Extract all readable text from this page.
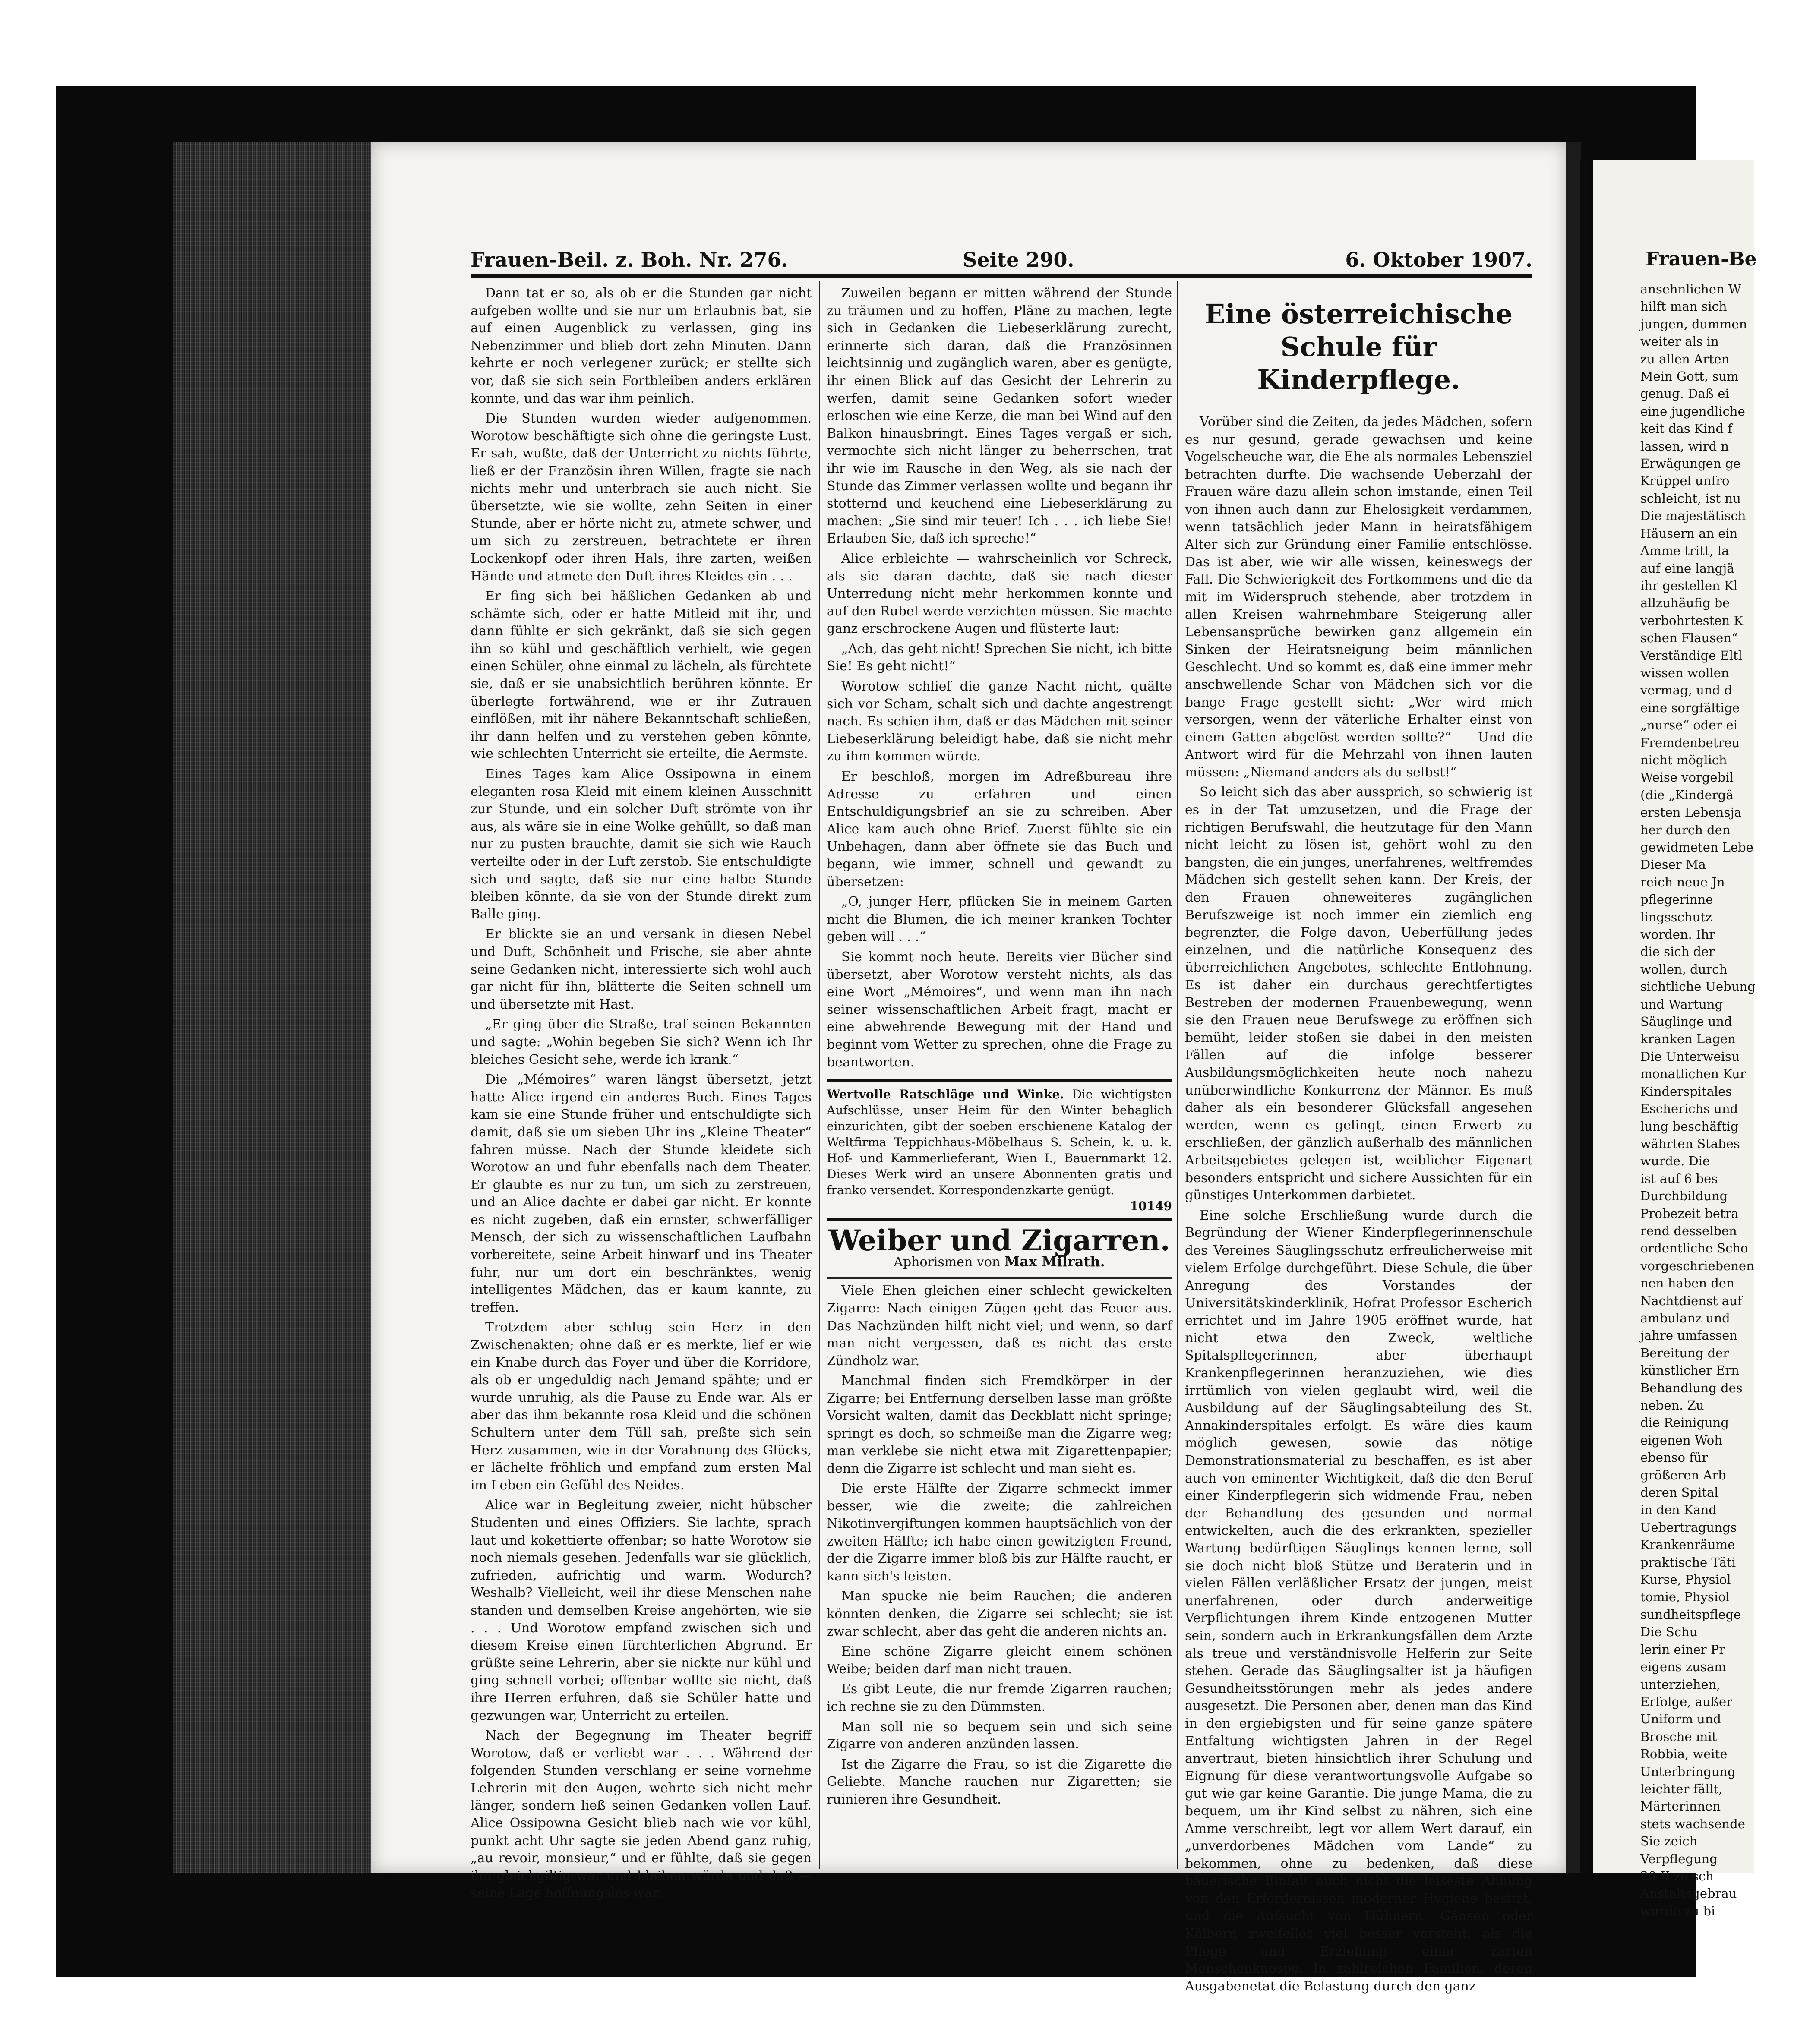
Frauen-Beil. z. Boh. Nr. 276.	Seite 290.	6. Oktober 1907.

Dann tat er so, als ob er die Stunden gar nicht aufgeben wollte und sie nur um Erlaubnis bat, sie auf einen Augenblick zu verlassen, ging ins Nebenzimmer und blieb dort zehn Minuten. Dann kehrte er noch verlegener zurück; er stellte sich vor, daß sie sich sein Fortbleiben anders erklären konnte, und das war ihm peinlich.

Die Stunden wurden wieder aufgenommen. Worotow beschäftigte sich ohne die geringste Lust. Er sah, wußte, daß der Unterricht zu nichts führte, ließ er der Französin ihren Willen, fragte sie nach nichts mehr und unterbrach sie auch nicht. Sie übersetzte, wie sie wollte, zehn Seiten in einer Stunde, aber er hörte nicht zu, atmete schwer, und um sich zu zerstreuen, betrachtete er ihren Lockenkopf oder ihren Hals, ihre zarten, weißen Hände und atmete den Duft ihres Kleides ein . . .

Er fing sich bei häßlichen Gedanken ab und schämte sich, oder er hatte Mitleid mit ihr, und dann fühlte er sich gekränkt, daß sie sich gegen ihn so kühl und geschäftlich verhielt, wie gegen einen Schüler, ohne einmal zu lächeln, als fürchtete sie, daß er sie unabsichtlich berühren könnte. Er überlegte fortwährend, wie er ihr Zutrauen einflößen, mit ihr nähere Bekanntschaft schließen, ihr dann helfen und zu verstehen geben könnte, wie schlechten Unterricht sie erteilte, die Aermste.

Eines Tages kam Alice Ossipowna in einem eleganten rosa Kleid mit einem kleinen Ausschnitt zur Stunde, und ein solcher Duft strömte von ihr aus, als wäre sie in eine Wolke gehüllt, so daß man nur zu pusten brauchte, damit sie sich wie Rauch verteilte oder in der Luft zerstob. Sie entschuldigte sich und sagte, daß sie nur eine halbe Stunde bleiben könnte, da sie von der Stunde direkt zum Balle ging.

Er blickte sie an und versank in diesen Nebel und Duft, Schönheit und Frische, sie aber ahnte seine Gedanken nicht, interessierte sich wohl auch gar nicht für ihn, blätterte die Seiten schnell um und übersetzte mit Hast.

„Er ging über die Straße, traf seinen Bekannten und sagte: „Wohin begeben Sie sich? Wenn ich Ihr bleiches Gesicht sehe, werde ich krank.“

Die „Mémoires“ waren längst übersetzt, jetzt hatte Alice irgend ein anderes Buch. Eines Tages kam sie eine Stunde früher und entschuldigte sich damit, daß sie um sieben Uhr ins „Kleine Theater“ fahren müsse. Nach der Stunde kleidete sich Worotow an und fuhr ebenfalls nach dem Theater. Er glaubte es nur zu tun, um sich zu zerstreuen, und an Alice dachte er dabei gar nicht. Er konnte es nicht zugeben, daß ein ernster, schwerfälliger Mensch, der sich zu wissenschaftlichen Laufbahn vorbereitete, seine Arbeit hinwarf und ins Theater fuhr, nur um dort ein beschränktes, wenig intelligentes Mädchen, das er kaum kannte, zu treffen.

Trotzdem aber schlug sein Herz in den Zwischenakten; ohne daß er es merkte, lief er wie ein Knabe durch das Foyer und über die Korridore, als ob er ungeduldig nach Jemand spähte; und er wurde unruhig, als die Pause zu Ende war. Als er aber das ihm bekannte rosa Kleid und die schönen Schultern unter dem Tüll sah, preßte sich sein Herz zusammen, wie in der Vorahnung des Glücks, er lächelte fröhlich und empfand zum ersten Mal im Leben ein Gefühl des Neides.

Alice war in Begleitung zweier, nicht hübscher Studenten und eines Offiziers. Sie lachte, sprach laut und kokettierte offenbar; so hatte Worotow sie noch niemals gesehen. Jedenfalls war sie glücklich, zufrieden, aufrichtig und warm. Wodurch? Weshalb? Vielleicht, weil ihr diese Menschen nahe standen und demselben Kreise angehörten, wie sie . . . Und Worotow empfand zwischen sich und diesem Kreise einen fürchterlichen Abgrund. Er grüßte seine Lehrerin, aber sie nickte nur kühl und ging schnell vorbei; offenbar wollte sie nicht, daß ihre Herren erfuhren, daß sie Schüler hatte und gezwungen war, Unterricht zu erteilen.

Nach der Begegnung im Theater begriff Worotow, daß er verliebt war . . . Während der folgenden Stunden verschlang er seine vornehme Lehrerin mit den Augen, wehrte sich nicht mehr länger, sondern ließ seinen Gedanken vollen Lauf. Alice Ossipowna Gesicht blieb nach wie vor kühl, punkt acht Uhr sagte sie jeden Abend ganz ruhig, „au revoir, monsieur,“ und er fühlte, daß sie gegen ihn gleichgiltig war und bleiben würde und daß — seine Lage hoffnungslos war.

Zuweilen begann er mitten während der Stunde zu träumen und zu hoffen, Pläne zu machen, legte sich in Gedanken die Liebeserklärung zurecht, erinnerte sich daran, daß die Französinnen leichtsinnig und zugänglich waren, aber es genügte, ihr einen Blick auf das Gesicht der Lehrerin zu werfen, damit seine Gedanken sofort wieder erloschen wie eine Kerze, die man bei Wind auf den Balkon hinausbringt. Eines Tages vergaß er sich, vermochte sich nicht länger zu beherrschen, trat ihr wie im Rausche in den Weg, als sie nach der Stunde das Zimmer verlassen wollte und begann ihr stotternd und keuchend eine Liebeserklärung zu machen: „Sie sind mir teuer! Ich . . . ich liebe Sie! Erlauben Sie, daß ich spreche!“

Alice erbleichte — wahrscheinlich vor Schreck, als sie daran dachte, daß sie nach dieser Unterredung nicht mehr herkommen konnte und auf den Rubel werde verzichten müssen. Sie machte ganz erschrockene Augen und flüsterte laut:

„Ach, das geht nicht! Sprechen Sie nicht, ich bitte Sie! Es geht nicht!“

Worotow schlief die ganze Nacht nicht, quälte sich vor Scham, schalt sich und dachte angestrengt nach. Es schien ihm, daß er das Mädchen mit seiner Liebeserklärung beleidigt habe, daß sie nicht mehr zu ihm kommen würde.

Er beschloß, morgen im Adreßbureau ihre Adresse zu erfahren und einen Entschuldigungsbrief an sie zu schreiben. Aber Alice kam auch ohne Brief. Zuerst fühlte sie ein Unbehagen, dann aber öffnete sie das Buch und begann, wie immer, schnell und gewandt zu übersetzen:

„O, junger Herr, pflücken Sie in meinem Garten nicht die Blumen, die ich meiner kranken Tochter geben will . . .“

Sie kommt noch heute. Bereits vier Bücher sind übersetzt, aber Worotow versteht nichts, als das eine Wort „Mémoires“, und wenn man ihn nach seiner wissenschaftlichen Arbeit fragt, macht er eine abwehrende Bewegung mit der Hand und beginnt vom Wetter zu sprechen, ohne die Frage zu beantworten.

Wertvolle Ratschläge und Winke. Die wichtigsten Aufschlüsse, unser Heim für den Winter behaglich einzurichten, gibt der soeben erschienene Katalog der Weltfirma Teppichhaus-Möbelhaus S. Schein, k. u. k. Hof- und Kammerlieferant, Wien I., Bauernmarkt 12. Dieses Werk wird an unsere Abonnenten gratis und franko versendet. Korrespondenzkarte genügt.
10149
Weiber und Zigarren.
Aphorismen von Max Milrath.

Viele Ehen gleichen einer schlecht gewickelten Zigarre: Nach einigen Zügen geht das Feuer aus. Das Nachzünden hilft nicht viel; und wenn, so darf man nicht vergessen, daß es nicht das erste Zündholz war.

Manchmal finden sich Fremdkörper in der Zigarre; bei Entfernung derselben lasse man größte Vorsicht walten, damit das Deckblatt nicht springe; springt es doch, so schmeiße man die Zigarre weg; man verklebe sie nicht etwa mit Zigarettenpapier; denn die Zigarre ist schlecht und man sieht es.

Die erste Hälfte der Zigarre schmeckt immer besser, wie die zweite; die zahlreichen Nikotinvergiftungen kommen hauptsächlich von der zweiten Hälfte; ich habe einen gewitzigten Freund, der die Zigarre immer bloß bis zur Hälfte raucht, er kann sich's leisten.

Man spucke nie beim Rauchen; die anderen könnten denken, die Zigarre sei schlecht; sie ist zwar schlecht, aber das geht die anderen nichts an.

Eine schöne Zigarre gleicht einem schönen Weibe; beiden darf man nicht trauen.

Es gibt Leute, die nur fremde Zigarren rauchen; ich rechne sie zu den Dümmsten.

Man soll nie so bequem sein und sich seine Zigarre von anderen anzünden lassen.

Ist die Zigarre die Frau, so ist die Zigarette die Geliebte. Manche rauchen nur Zigaretten; sie ruinieren ihre Gesundheit.

Eine österreichische Schule für Kinderpflege.

Vorüber sind die Zeiten, da jedes Mädchen, sofern es nur gesund, gerade gewachsen und keine Vogelscheuche war, die Ehe als normales Lebensziel betrachten durfte. Die wachsende Ueberzahl der Frauen wäre dazu allein schon imstande, einen Teil von ihnen auch dann zur Ehelosigkeit verdammen, wenn tatsächlich jeder Mann in heiratsfähigem Alter sich zur Gründung einer Familie entschlösse. Das ist aber, wie wir alle wissen, keineswegs der Fall. Die Schwierigkeit des Fortkommens und die da mit im Widerspruch stehende, aber trotzdem in allen Kreisen wahrnehmbare Steigerung aller Lebensansprüche bewirken ganz allgemein ein Sinken der Heiratsneigung beim männlichen Geschlecht. Und so kommt es, daß eine immer mehr anschwellende Schar von Mädchen sich vor die bange Frage gestellt sieht: „Wer wird mich versorgen, wenn der väterliche Erhalter einst von einem Gatten abgelöst werden sollte?“ — Und die Antwort wird für die Mehrzahl von ihnen lauten müssen: „Niemand anders als du selbst!“

So leicht sich das aber aussprich, so schwierig ist es in der Tat umzusetzen, und die Frage der richtigen Berufswahl, die heutzutage für den Mann nicht leicht zu lösen ist, gehört wohl zu den bangsten, die ein junges, unerfahrenes, weltfremdes Mädchen sich gestellt sehen kann. Der Kreis, der den Frauen ohneweiteres zugänglichen Berufszweige ist noch immer ein ziemlich eng begrenzter, die Folge davon, Ueberfüllung jedes einzelnen, und die natürliche Konsequenz des überreichlichen Angebotes, schlechte Entlohnung. Es ist daher ein durchaus gerechtfertigtes Bestreben der modernen Frauenbewegung, wenn sie den Frauen neue Berufswege zu eröffnen sich bemüht, leider stoßen sie dabei in den meisten Fällen auf die infolge besserer Ausbildungsmöglichkeiten heute noch nahezu unüberwindliche Konkurrenz der Männer. Es muß daher als ein besonderer Glücksfall angesehen werden, wenn es gelingt, einen Erwerb zu erschließen, der gänzlich außerhalb des männlichen Arbeitsgebietes gelegen ist, weiblicher Eigenart besonders entspricht und sichere Aussichten für ein günstiges Unterkommen darbietet.

Eine solche Erschließung wurde durch die Begründung der Wiener Kinderpflegerinnenschule des Vereines Säuglingsschutz erfreulicherweise mit vielem Erfolge durchgeführt. Diese Schule, die über Anregung des Vorstandes der Universitätskinderklinik, Hofrat Professor Escherich errichtet und im Jahre 1905 eröffnet wurde, hat nicht etwa den Zweck, weltliche Spitalspflegerinnen, aber überhaupt Krankenpflegerinnen heranzuziehen, wie dies irrtümlich von vielen geglaubt wird, weil die Ausbildung auf der Säuglingsabteilung des St. Annakinderspitales erfolgt. Es wäre dies kaum möglich gewesen, sowie das nötige Demonstrationsmaterial zu beschaffen, es ist aber auch von eminenter Wichtigkeit, daß die den Beruf einer Kinderpflegerin sich widmende Frau, neben der Behandlung des gesunden und normal entwickelten, auch die des erkrankten, spezieller Wartung bedürftigen Säuglings kennen lerne, soll sie doch nicht bloß Stütze und Beraterin und in vielen Fällen verläßlicher Ersatz der jungen, meist unerfahrenen, oder durch anderweitige Verpflichtungen ihrem Kinde entzogenen Mutter sein, sondern auch in Erkrankungsfällen dem Arzte als treue und verständnisvolle Helferin zur Seite stehen. Gerade das Säuglingsalter ist ja häufigen Gesundheitsstörungen mehr als jedes andere ausgesetzt. Die Personen aber, denen man das Kind in den ergiebigsten und für seine ganze spätere Entfaltung wichtigsten Jahren in der Regel anvertraut, bieten hinsichtlich ihrer Schulung und Eignung für diese verantwortungsvolle Aufgabe so gut wie gar keine Garantie. Die junge Mama, die zu bequem, um ihr Kind selbst zu nähren, sich eine Amme verschreibt, legt vor allem Wert darauf, ein „unverdorbenes Mädchen vom Lande“ zu bekommen, ohne zu bedenken, daß diese bäuerische Einfalt auch nicht die leiseste Ahnung von den Erfordernissen moderner Hygiene besitzt, und die Aufsucht von Hühnern, Gänsen oder Kälbern zweifellos viel besser versteht, als die Pflege und Erziehung einer zarten Menschenknospe. In zahlreichen Familien, deren Ausgabenetat die Belastung durch den ganz

Frauen-Be
ansehnlichen W
hilft man sich
jungen, dummen
weiter als in
zu allen Arten
Mein Gott, sum
genug. Daß ei
eine jugendliche
keit das Kind f
lassen, wird n
Erwägungen ge
Krüppel unfro
schleicht, ist nu
Die majestätisch
Häusern an ein
Amme tritt, la
auf eine langjä
ihr gestellen Kl
allzuhäufig be
verbohrtesten K
schen Flausen“
Verständige Eltl
wissen wollen
vermag, und d
eine sorgfältige
„nurse“ oder ei
Fremdenbetreu
nicht möglich
Weise vorgebil
(die „Kindergä
ersten Lebensja
her durch den
gewidmeten Lebe
Dieser Ma
reich neue Jn
pflegerinne
lingsschutz
worden. Ihr
die sich der
wollen, durch
sichtliche Uebung
und Wartung
Säuglinge und
kranken Lagen
Die Unterweisu
monatlichen Kur
Kinderspitales
Escherichs und
lung beschäftig
währten Stabes
wurde. Die
ist auf 6 bes
Durchbildung
Probezeit betra
rend desselben
ordentliche Scho
vorgeschriebenen
nen haben den
Nachtdienst auf
ambulanz und
jahre umfassen
Bereitung der
künstlicher Ern
Behandlung des
neben. Zu
die Reinigung
eigenen Woh
ebenso für
größeren Arb
deren Spital
in den Kand
Uebertragungs
Krankenräume
praktische Täti
Kurse, Physiol
tomie, Physiol
sundheitspflege
Die Schu
lerin einer Pr
eigens zusam
unterziehen,
Erfolge, außer
Uniform und
Brosche mit
Robbia, weite
Unterbringung
leichter fällt,
Märterinnen
stets wachsende
Sie zeich
Verpflegung
20 K zu sch
Anstaltsgebrau
wurde zu bi
